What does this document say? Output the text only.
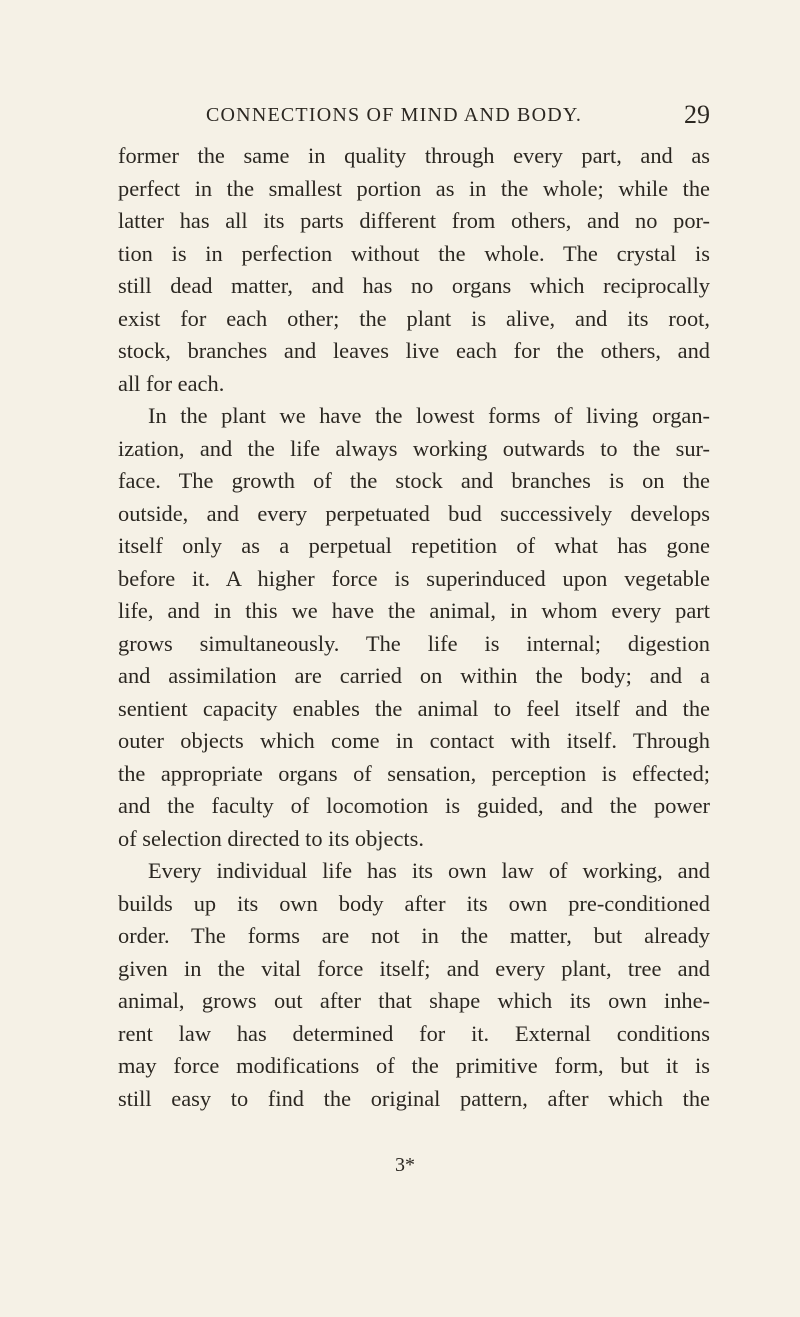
CONNECTIONS OF MIND AND BODY.	29
former the same in quality through every part, and as
perfect in the smallest portion as in the whole; while the
latter has all its parts different from others, and no por-
tion is in perfection without the whole. The crystal is
still dead matter, and has no organs which reciprocally
exist for each other; the plant is alive, and its root,
stock, branches and leaves live each for the others, and
all for each.
In the plant we have the lowest forms of living organ-
ization, and the life always working outwards to the sur-
face. The growth of the stock and branches is on the
outside, and every perpetuated bud successively develops
itself only as a perpetual repetition of what has gone
before it. A higher force is superinduced upon vegetable
life, and in this we have the animal, in whom every part
grows simultaneously. The life is internal; digestion
and assimilation are carried on within the body; and a
sentient capacity enables the animal to feel itself and the
outer objects which come in contact with itself. Through
the appropriate organs of sensation, perception is effected;
and the faculty of locomotion is guided, and the power
of selection directed to its objects.
Every individual life has its own law of working, and
builds up its own body after its own pre-conditioned
order. The forms are not in the matter, but already
given in the vital force itself; and every plant, tree and
animal, grows out after that shape which its own inhe-
rent law has determined for it. External conditions
may force modifications of the primitive form, but it is
still easy to find the original pattern, after which the
3*
